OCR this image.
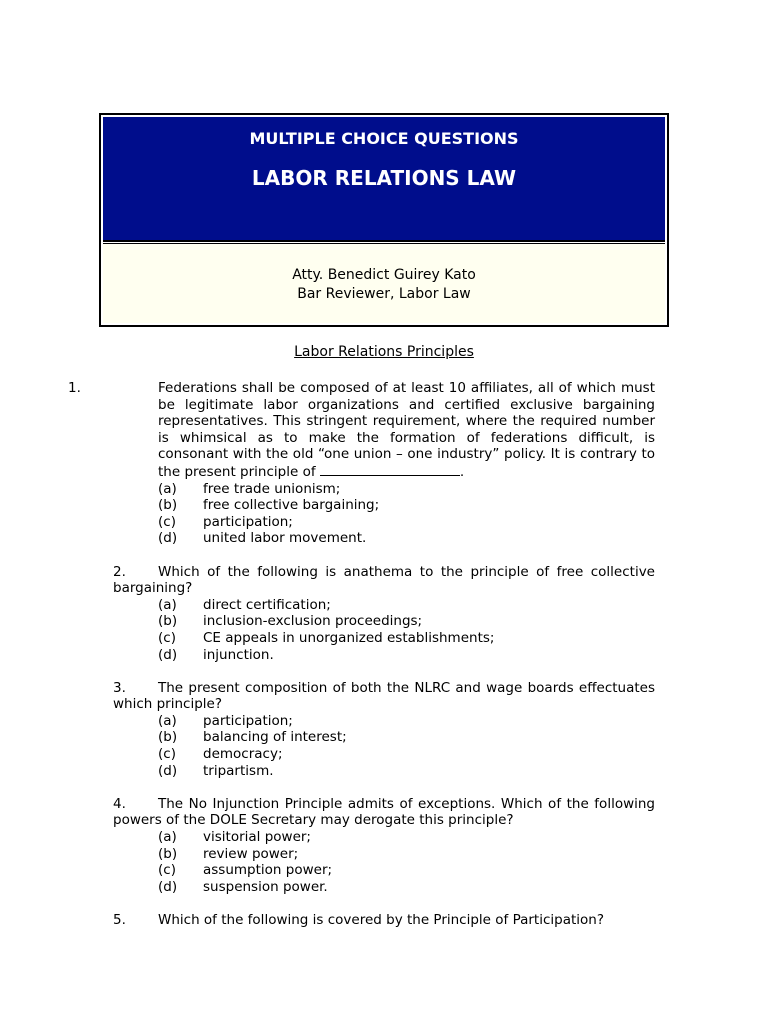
MULTIPLE CHOICE QUESTIONS
LABOR RELATIONS LAW
Atty. Benedict Guirey Kato
Bar Reviewer, Labor Law
Labor Relations Principles
1.	Federations shall be composed of at least 10 affiliates, all of which must be legitimate labor organizations and certified exclusive bargaining representatives. This stringent requirement, where the required number is whimsical as to make the formation of federations difficult, is consonant with the old “one union – one industry” policy. It is contrary to the present principle of	.
(a) free trade unionism;
(b) free collective bargaining;
(c) participation;
(d) united labor movement.
2. Which of the following is anathema to the principle of free collective bargaining?
(a) direct certification;
(b) inclusion-exclusion proceedings;
(c) CE appeals in unorganized establishments;
(d) injunction.
3. The present composition of both the NLRC and wage boards effectuates which principle?
(a) participation;
(b) balancing of interest;
(c) democracy;
(d) tripartism.
4. The No Injunction Principle admits of exceptions. Which of the following powers of the DOLE Secretary may derogate this principle?
(a) visitorial power;
(b) review power;
(c) assumption power;
(d) suspension power.
5. Which of the following is covered by the Principle of Participation?
